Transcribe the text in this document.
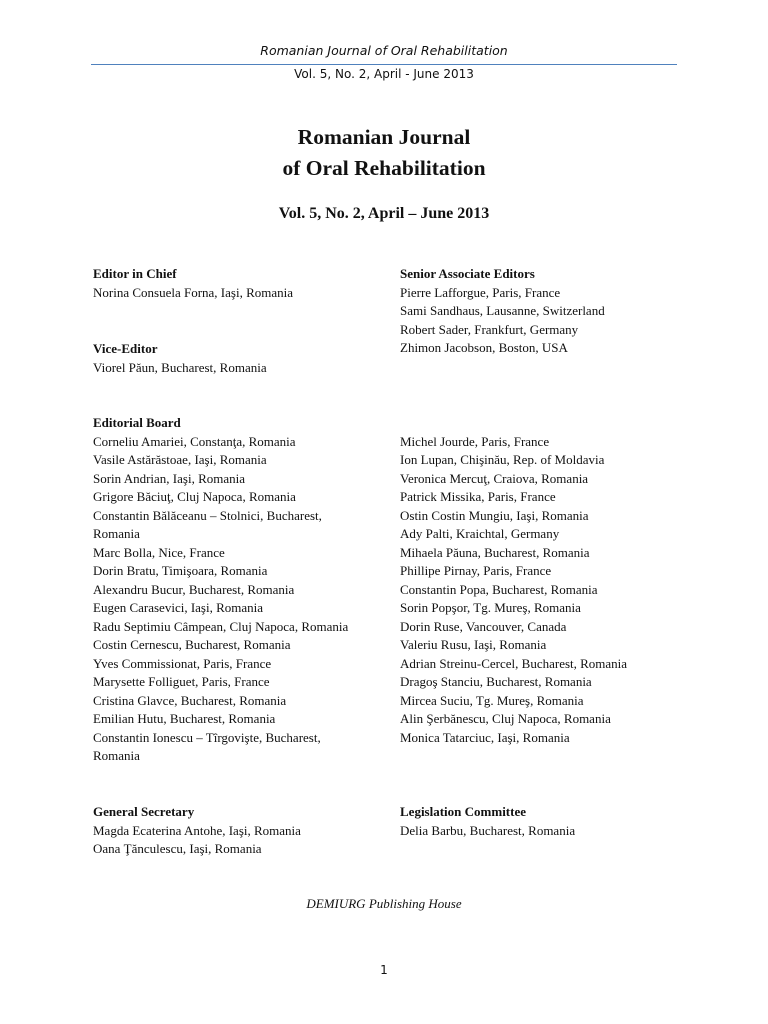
Romanian Journal of Oral Rehabilitation
Vol. 5, No. 2, April - June 2013
Romanian Journal
of Oral Rehabilitation
Vol. 5, No. 2, April – June 2013
Editor in Chief
Norina Consuela Forna, Iaşi, Romania
Vice-Editor
Viorel Păun, Bucharest, Romania
Senior Associate Editors
Pierre Lafforgue, Paris, France
Sami Sandhaus, Lausanne, Switzerland
Robert Sader, Frankfurt, Germany
Zhimon Jacobson, Boston, USA
Editorial Board
Corneliu Amariei, Constanţa, Romania
Vasile Astărăstoae, Iaşi, Romania
Sorin Andrian, Iaşi, Romania
Grigore Băciuţ, Cluj Napoca, Romania
Constantin Bălăceanu – Stolnici, Bucharest, Romania
Marc Bolla, Nice, France
Dorin Bratu, Timişoara, Romania
Alexandru Bucur, Bucharest, Romania
Eugen Carasevici, Iaşi, Romania
Radu Septimiu Câmpean, Cluj Napoca, Romania
Costin Cernescu, Bucharest, Romania
Yves Commissionat, Paris, France
Marysette Folliguet, Paris, France
Cristina Glavce, Bucharest, Romania
Emilian Hutu, Bucharest, Romania
Constantin Ionescu – Tîrgovişte, Bucharest, Romania
Michel Jourde, Paris, France
Ion Lupan, Chişinău, Rep. of Moldavia
Veronica Mercuţ, Craiova, Romania
Patrick Missika, Paris, France
Ostin Costin Mungiu, Iaşi, Romania
Ady Palti, Kraichtal, Germany
Mihaela Păuna, Bucharest, Romania
Phillipe Pirnay, Paris, France
Constantin Popa, Bucharest, Romania
Sorin Popşor, Tg. Mureş, Romania
Dorin Ruse, Vancouver, Canada
Valeriu Rusu, Iaşi, Romania
Adrian Streinu-Cercel, Bucharest, Romania
Dragoş Stanciu, Bucharest, Romania
Mircea Suciu, Tg. Mureş, Romania
Alin Şerbănescu, Cluj Napoca, Romania
Monica Tatarciuc, Iaşi, Romania
General Secretary
Magda Ecaterina Antohe, Iaşi, Romania
Oana Ţănculescu, Iaşi, Romania
Legislation Committee
Delia Barbu, Bucharest, Romania
DEMIURG Publishing House
1
